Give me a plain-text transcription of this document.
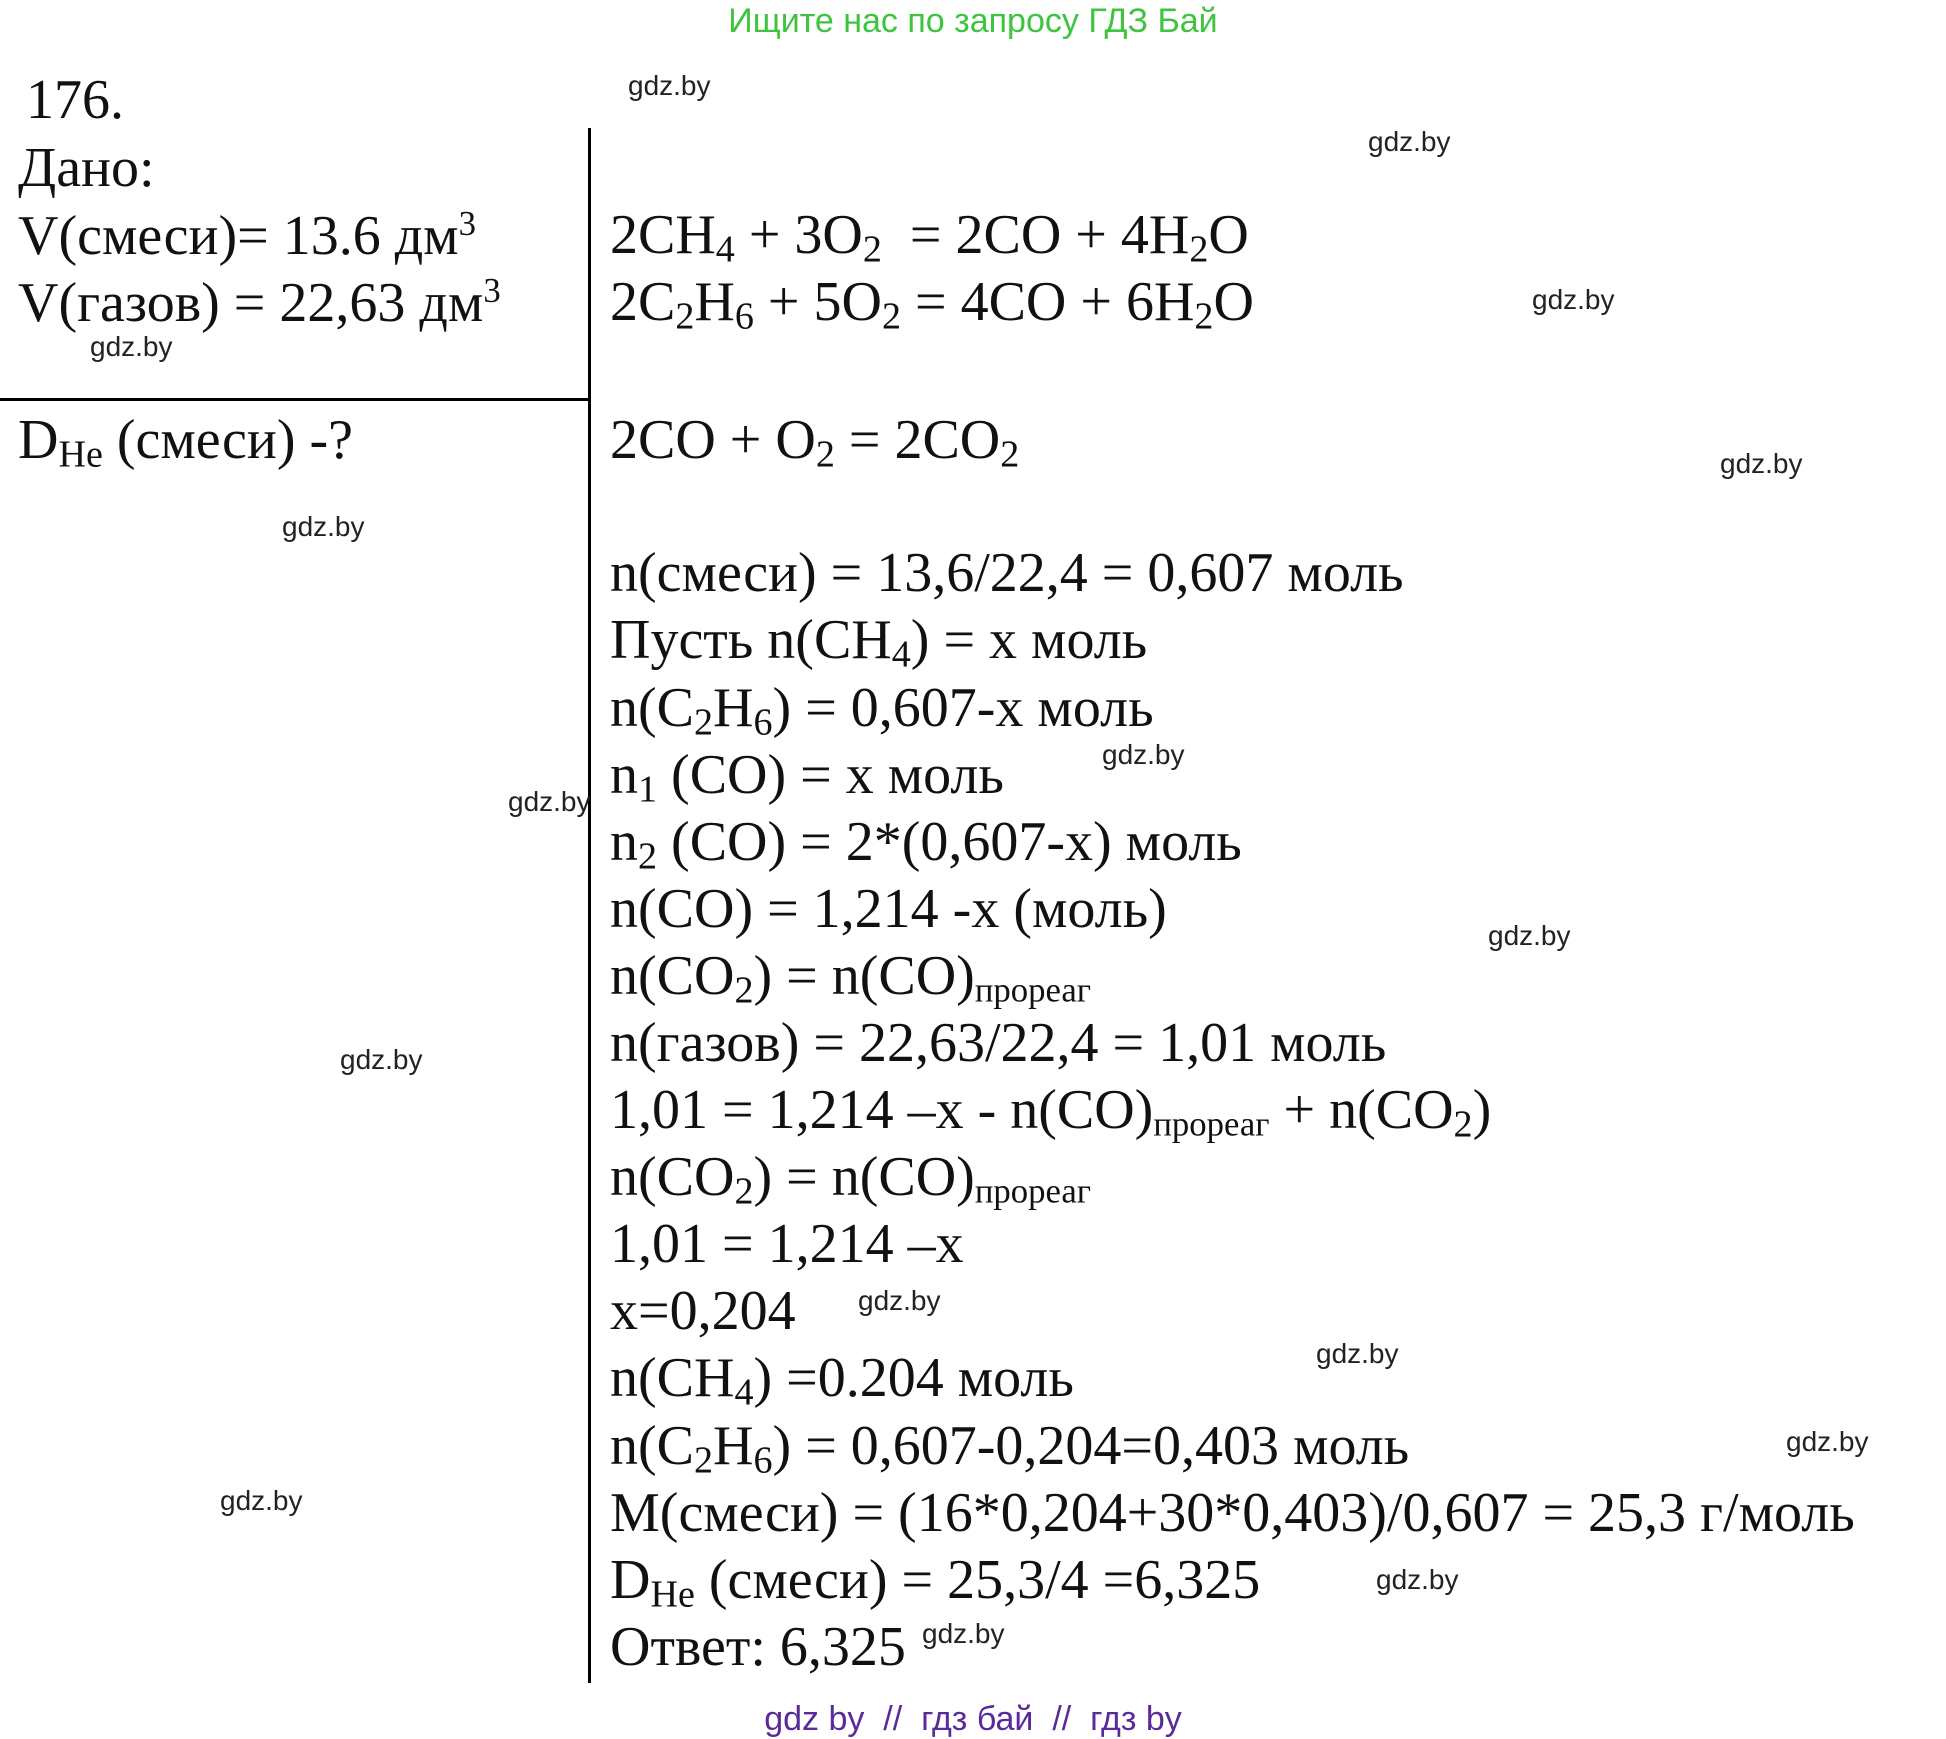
Ищите нас по запросу ГДЗ Бай
176.
Дано:
V(смеси)= 13.6 $дм^3$
V(газов) = 22,63 $дм^3$
$D_{He}$ (смеси) -?
$2CH_4 + 3O_2 = 2CO + 4H_2O$
$2C_2H_6 + 5O_2 = 4CO + 6H_2O$
$2CO + O_2 = 2CO_2$
n(смеси) = 13,6/22,4 = 0,607 моль
Пусть $n(CH_4) = x$ моль
$n(C_2H_6) = 0,607-x$ моль
$n_1$ (CO) = x моль
$n_2$ (CO) = 2*(0,607-x) моль
n(CO) = 1,214 -x (моль)
$n(CO_2) = n(CO)_{прореаг}$
n(газов) = 22,63/22,4 = 1,01 моль
1,01 = 1,214 $-x - n(CO)_{прореаг} + n(CO_2)$
$n(CO_2) = n(CO)_{прореаг}$
1,01 = 1,214 –x
x=0,204
$n(CH_4) =0.204$ моль
$n(C_2H_6) = 0,607-0,204=0,403$ моль
M(смеси) = (16*0,204+30*0,403)/0,607 = 25,3 г/моль
$D_{He}$ (смеси) = 25,3/4 =6,325
Ответ: 6,325
gdz.by
gdz.by
gdz.by
gdz.by
gdz.by
gdz.by
gdz.by
gdz.by
gdz.by
gdz.by
gdz.by
gdz.by
gdz.by
gdz.by
gdz.by
gdz.by
gdz by  //  гдз бай  //  гдз by
